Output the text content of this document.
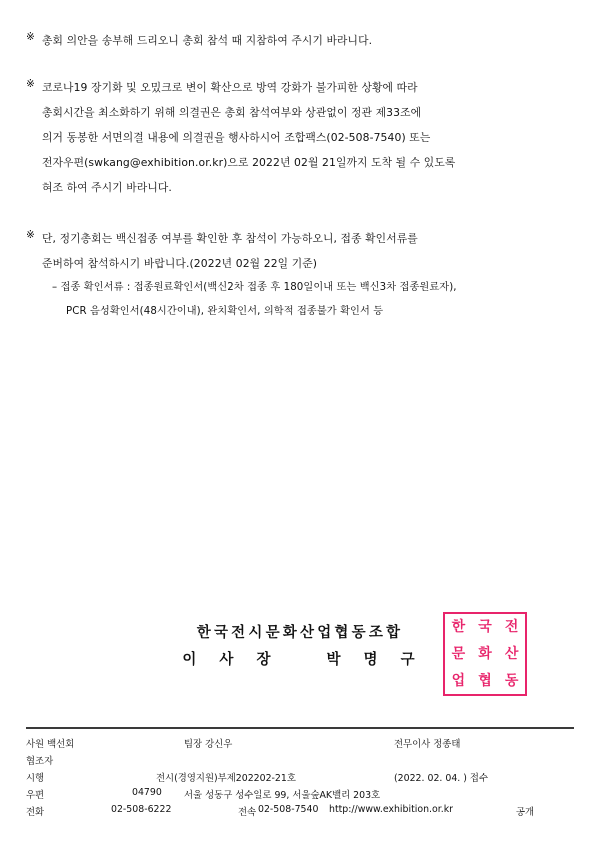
※ 총회 의안을 송부해 드리오니 총회 참석 때 지참하여 주시기 바라니다.
※ 코로나19 장기화 및 오밌크로 변이 확산으로 방역 강화가 불가피한 상황에 따라
총회시간을 최소화하기 위해 의결권은 총회 참석여부와 상관없이 정관 제33조에
의거 동봉한 서면의결 내용에 의결권을 행사하시어 조합팩스(02-508-7540) 또는
전자우편(swkang@exhibition.or.kr)으로 2022년 02월 21일까지 도착 될 수 있도록
혀조 하여 주시기 바라니다.
※ 단, 정기총회는 백신접종 여부를 확인한 후 참석이 가능하오니, 접종 확인서류를
준버하여 참석하시기 바랍니다.(2022년 02월 22일 기준)
– 접종 확인서류 : 접종원료확인서(백신2차 접종 후 180일이내 또는 백신3차 접종원료자),
PCR 음성확인서(48시간이내), 완치확인서, 의학적 접종불가 확인서 등
한국전시문화산업협동조합
이 사 장　　박 명 구
한 국 전
문 화 산
업 협 동
사원 백선회	팀장 강신우	전무이사 정종태
협조자
시행	전시(경영지원)부제202202-21호	(2022. 02. 04. ) 접수
우편	04790 서울 성동구 성수일로 99, 서울숲AK밸리 203호
전화	02-508-6222	전속 02-508-7540 http://www.exhibition.or.kr	공개
